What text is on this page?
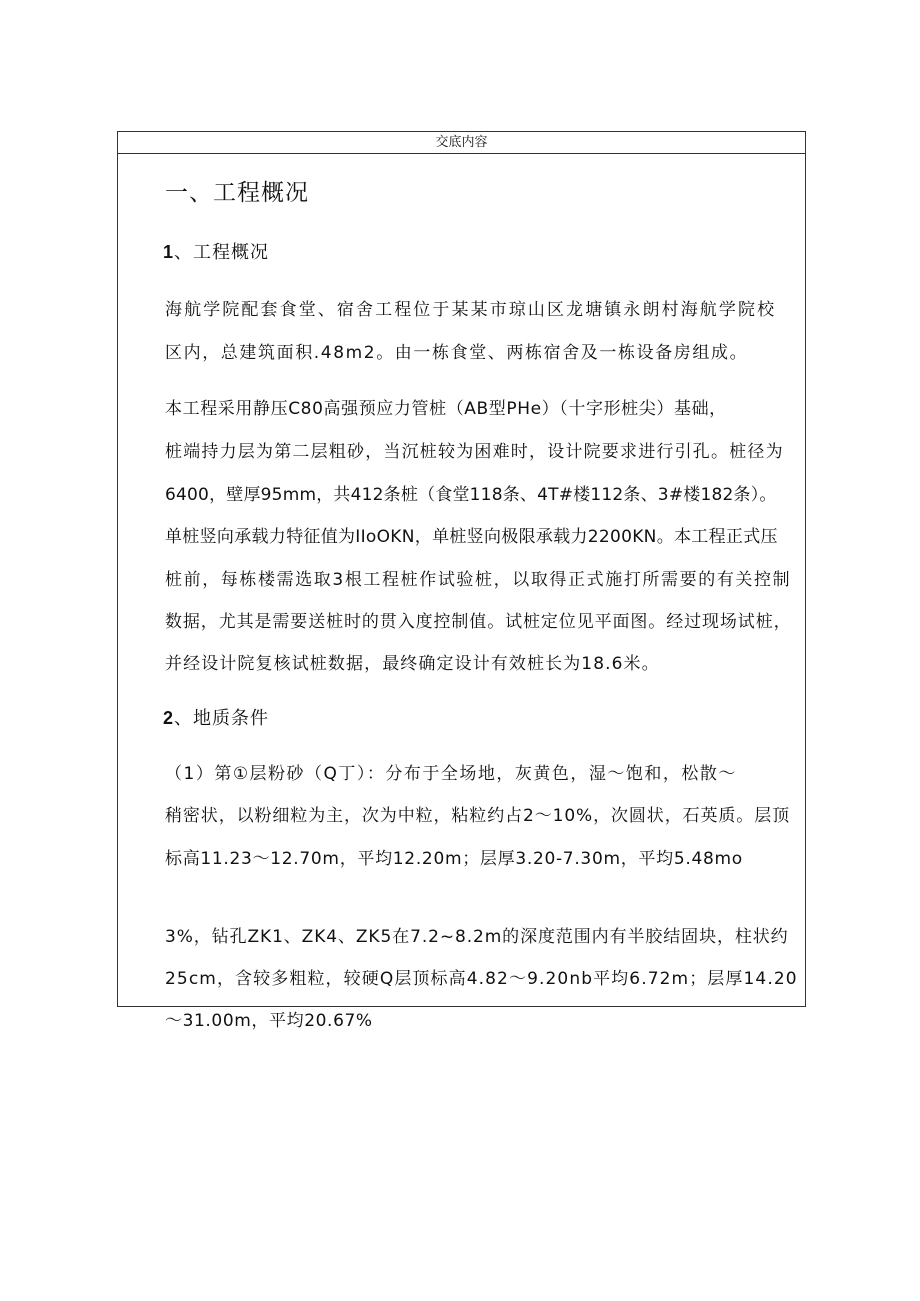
交底内容
一、工程概况
1、工程概况
海航学院配套食堂、宿舍工程位于某某市琼山区龙塘镇永朗村海航学院校
区内，总建筑面积.48m2。由一栋食堂、两栋宿舍及一栋设备房组成。
本工程采用静压C80高强预应力管桩（AB型PHe）（十字形桩尖）基础，
桩端持力层为第二层粗砂，当沉桩较为困难时，设计院要求进行引孔。桩径为
6400，壁厚95mm，共412条桩（食堂118条、4T#楼112条、3#楼182条）。
单桩竖向承载力特征值为IIoOKN，单桩竖向极限承载力2200KN。本工程正式压
桩前，每栋楼需选取3根工程桩作试验桩，以取得正式施打所需要的有关控制
数据，尤其是需要送桩时的贯入度控制值。试桩定位见平面图。经过现场试桩，
并经设计院复核试桩数据，最终确定设计有效桩长为18.6米。
2、地质条件
（1）第①层粉砂（Q丁）：分布于全场地，灰黄色，湿～饱和，松散～
稍密状，以粉细粒为主，次为中粒，粘粒约占2～10%，次圆状，石英质。层顶
标高11.23～12.70m，平均12.20m；层厚3.20-7.30m，平均5.48mo
3%，钻孔ZK1、ZK4、ZK5在7.2~8.2m的深度范围内有半胶结固块，柱状约
25cm，含较多粗粒，较硬Q层顶标高4.82～9.20nb平均6.72m；层厚14.20
～31.00m，平均20.67%
